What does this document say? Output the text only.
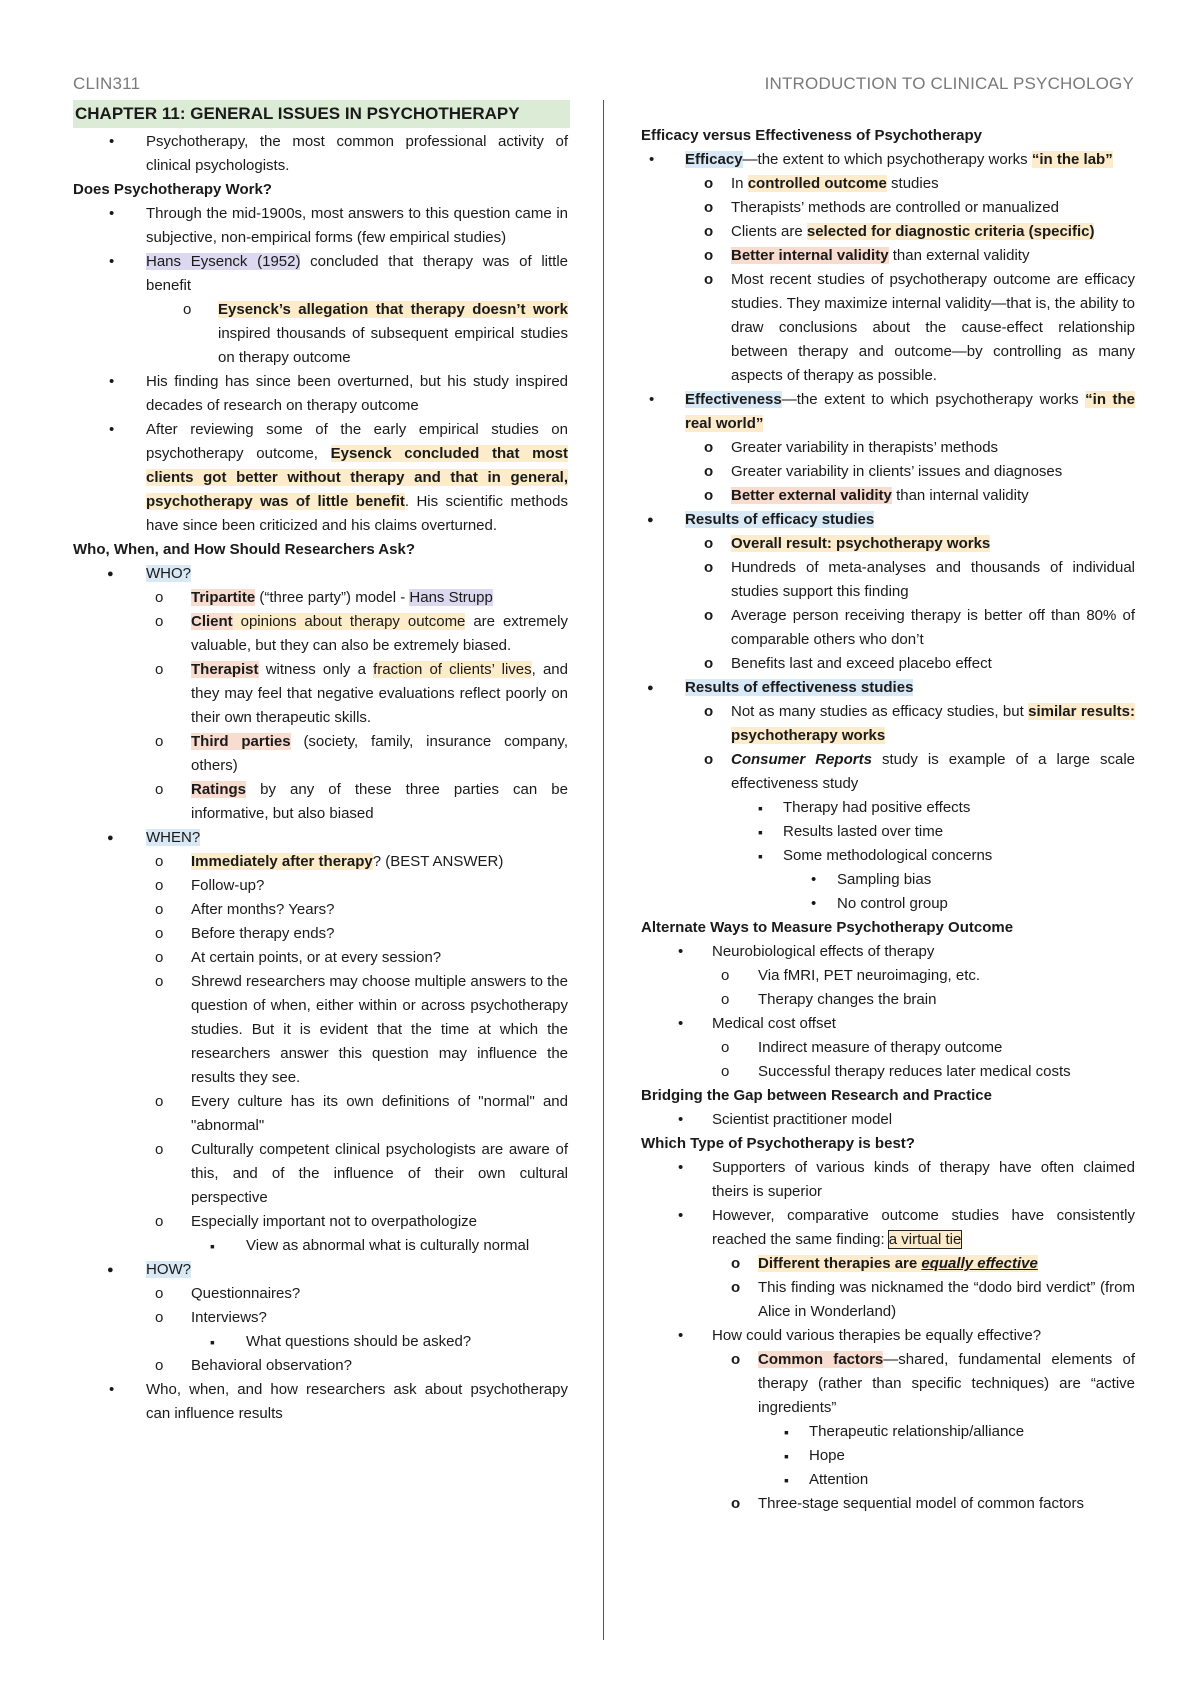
CLIN311	INTRODUCTION TO CLINICAL PSYCHOLOGY
CHAPTER 11: GENERAL ISSUES IN PSYCHOTHERAPY
• Psychotherapy, the most common professional activity of clinical psychologists.
Does Psychotherapy Work?
• Through the mid-1900s, most answers to this question came in subjective, non-empirical forms (few empirical studies)
• Hans Eysenck (1952) concluded that therapy was of little benefit
o Eysenck’s allegation that therapy doesn’t work inspired thousands of subsequent empirical studies on therapy outcome
• His finding has since been overturned, but his study inspired decades of research on therapy outcome
• After reviewing some of the early empirical studies on psychotherapy outcome, Eysenck concluded that most clients got better without therapy and that in general, psychotherapy was of little benefit. His scientific methods have since been criticized and his claims overturned.
Who, When, and How Should Researchers Ask?
● WHO?
o Tripartite (“three party”) model - Hans Strupp
o Client opinions about therapy outcome are extremely valuable, but they can also be extremely biased.
o Therapist witness only a fraction of clients’ lives, and they may feel that negative evaluations reflect poorly on their own therapeutic skills.
o Third parties (society, family, insurance company, others)
o Ratings by any of these three parties can be informative, but also biased
● WHEN?
o Immediately after therapy? (BEST ANSWER)
o Follow-up?
o After months? Years?
o Before therapy ends?
o At certain points, or at every session?
o Shrewd researchers may choose multiple answers to the question of when, either within or across psychotherapy studies. But it is evident that the time at which the researchers answer this question may influence the results they see.
o Every culture has its own definitions of "normal" and "abnormal"
o Culturally competent clinical psychologists are aware of this, and of the influence of their own cultural perspective
o Especially important not to overpathologize
▪ View as abnormal what is culturally normal
● HOW?
o Questionnaires?
o Interviews?
▪ What questions should be asked?
o Behavioral observation?
• Who, when, and how researchers ask about psychotherapy can influence results
Efficacy versus Effectiveness of Psychotherapy
• Efficacy—the extent to which psychotherapy works “in the lab”
o In controlled outcome studies
o Therapists’ methods are controlled or manualized
o Clients are selected for diagnostic criteria (specific)
o Better internal validity than external validity
o Most recent studies of psychotherapy outcome are efficacy studies. They maximize internal validity—that is, the ability to draw conclusions about the cause-effect relationship between therapy and outcome—by controlling as many aspects of therapy as possible.
• Effectiveness—the extent to which psychotherapy works “in the real world”
o Greater variability in therapists’ methods
o Greater variability in clients’ issues and diagnoses
o Better external validity than internal validity
● Results of efficacy studies
o Overall result: psychotherapy works
o Hundreds of meta-analyses and thousands of individual studies support this finding
o Average person receiving therapy is better off than 80% of comparable others who don’t
o Benefits last and exceed placebo effect
● Results of effectiveness studies
o Not as many studies as efficacy studies, but similar results: psychotherapy works
o Consumer Reports study is example of a large scale effectiveness study
▪ Therapy had positive effects
▪ Results lasted over time
▪ Some methodological concerns
• Sampling bias
• No control group
Alternate Ways to Measure Psychotherapy Outcome
• Neurobiological effects of therapy
o Via fMRI, PET neuroimaging, etc.
o Therapy changes the brain
• Medical cost offset
o Indirect measure of therapy outcome
o Successful therapy reduces later medical costs
Bridging the Gap between Research and Practice
• Scientist practitioner model
Which Type of Psychotherapy is best?
• Supporters of various kinds of therapy have often claimed theirs is superior
• However, comparative outcome studies have consistently reached the same finding: a virtual tie
o Different therapies are equally effective
o This finding was nicknamed the “dodo bird verdict” (from Alice in Wonderland)
• How could various therapies be equally effective?
o Common factors—shared, fundamental elements of therapy (rather than specific techniques) are “active ingredients”
▪ Therapeutic relationship/alliance
▪ Hope
▪ Attention
o Three-stage sequential model of common factors
